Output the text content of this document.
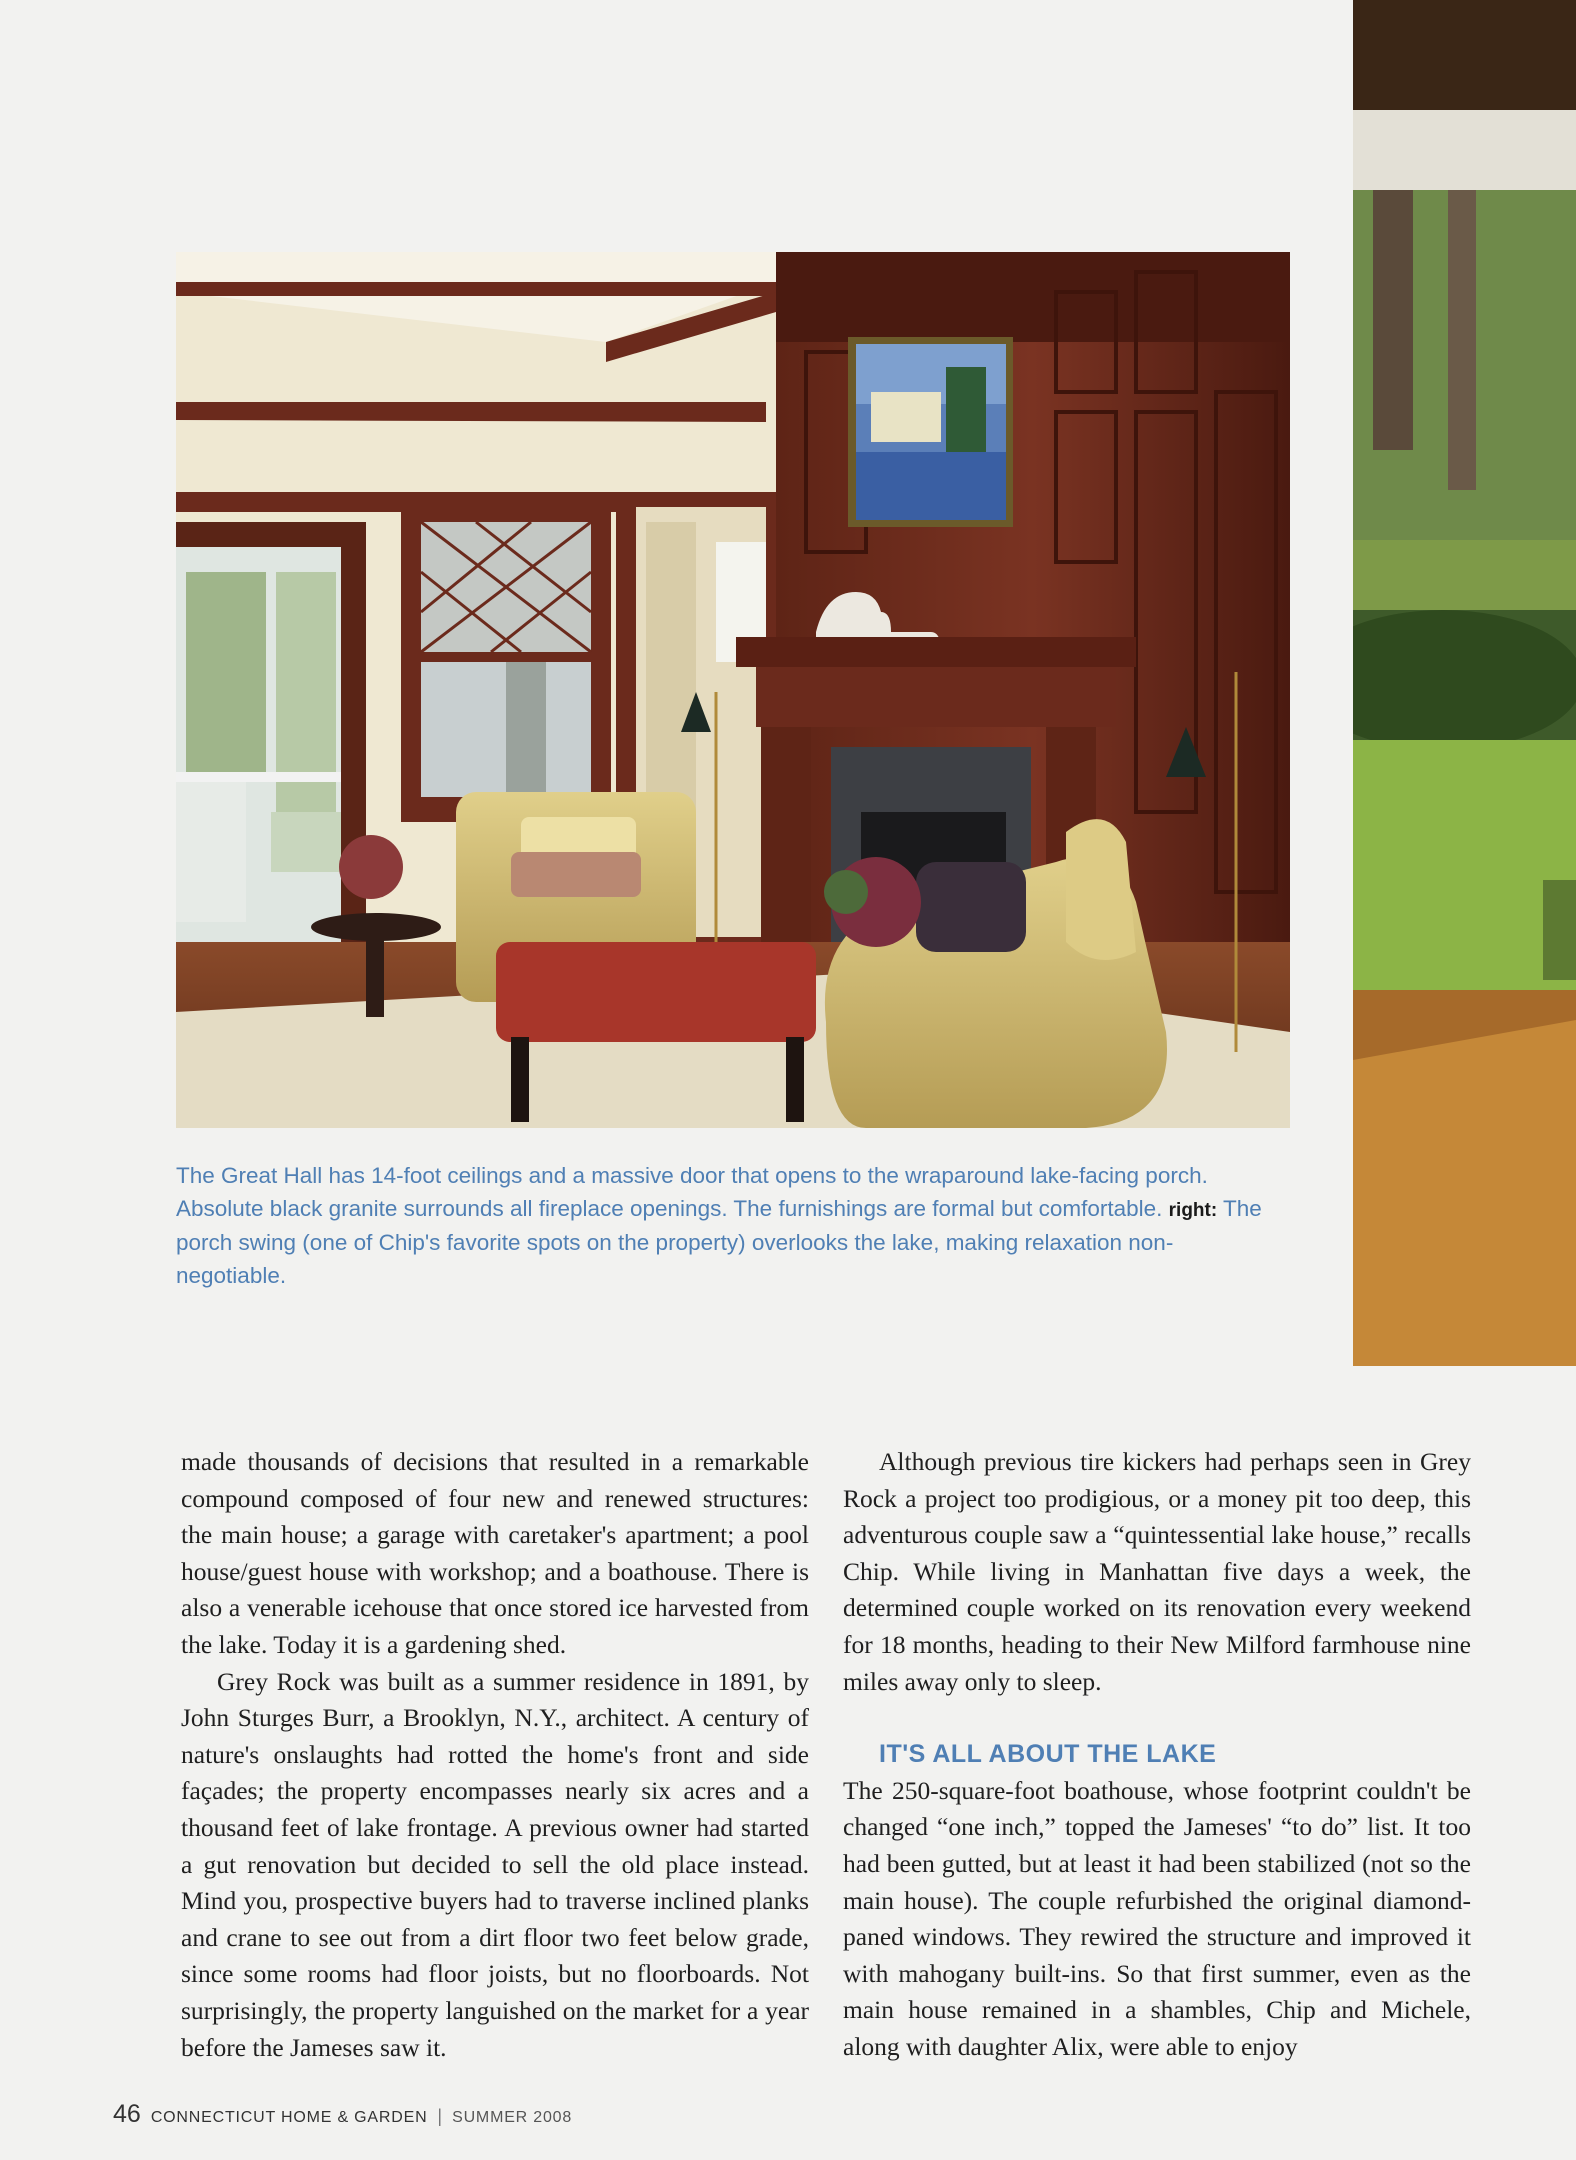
The Great Hall has 14-foot ceilings and a massive door that opens to the wraparound lake-facing porch. Absolute black granite surrounds all fireplace openings. The furnishings are formal but comfortable. right: The porch swing (one of Chip's favorite spots on the property) overlooks the lake, making relaxation non-negotiable.

made thousands of decisions that resulted in a remarkable compound composed of four new and renewed structures: the main house; a garage with caretaker's apartment; a pool house/guest house with workshop; and a boathouse. There is also a venerable icehouse that once stored ice harvested from the lake. Today it is a gardening shed.

Grey Rock was built as a summer residence in 1891, by John Sturges Burr, a Brooklyn, N.Y., architect. A century of nature's onslaughts had rotted the home's front and side façades; the property encompasses nearly six acres and a thousand feet of lake frontage. A previous owner had started a gut renovation but decided to sell the old place instead. Mind you, prospective buyers had to traverse inclined planks and crane to see out from a dirt floor two feet below grade, since some rooms had floor joists, but no floorboards. Not surprisingly, the property languished on the market for a year before the Jameses saw it.

Although previous tire kickers had perhaps seen in Grey Rock a project too prodigious, or a money pit too deep, this adventurous couple saw a “quintessential lake house,” recalls Chip. While living in Manhattan five days a week, the determined couple worked on its renovation every weekend for 18 months, heading to their New Milford farmhouse nine miles away only to sleep.

IT'S ALL ABOUT THE LAKE

The 250-square-foot boathouse, whose footprint couldn't be changed “one inch,” topped the Jameses' “to do” list. It too had been gutted, but at least it had been stabilized (not so the main house). The couple refurbished the original diamond-paned windows. They rewired the structure and improved it with mahogany built-ins. So that first summer, even as the main house remained in a shambles, Chip and Michele, along with daughter Alix, were able to enjoy

46 CONNECTICUT HOME & GARDEN | SUMMER 2008
